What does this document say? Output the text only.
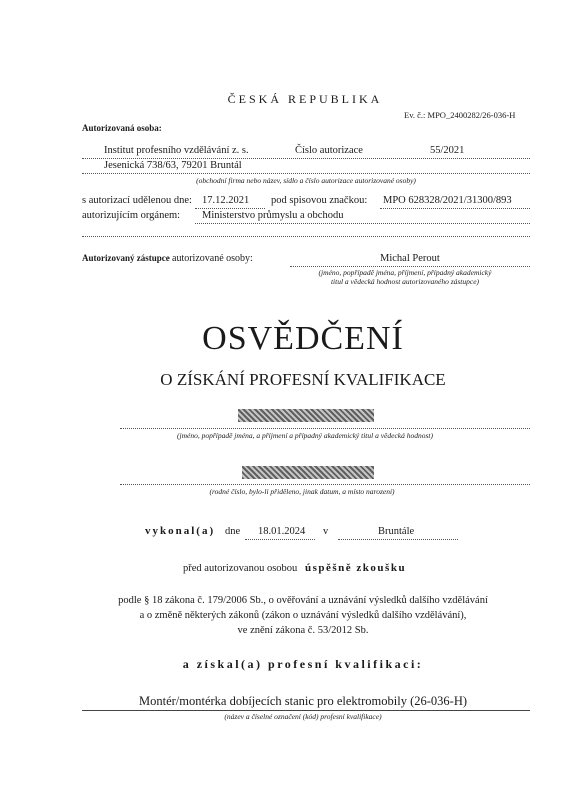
ČESKÁ REPUBLIKA
Ev. č.: MPO_2400282/26-036-H
Autorizovaná osoba:
Institut profesního vzdělávání z. s.	Číslo autorizace	55/2021
Jesenická 738/63, 79201 Bruntál
(obchodní firma nebo název, sídlo a číslo autorizace autorizované osoby)
s autorizací udělenou dne: 17.12.2021 pod spisovou značkou: MPO 628328/2021/31300/893
autorizujícím orgánem: Ministerstvo průmyslu a obchodu
Autorizovaný zástupce autorizované osoby:	Michal Perout
(jméno, popřípadě jména, příjmení, případný akademický
titul a vědecká hodnost autorizovaného zástupce)
OSVĚDČENÍ
O ZÍSKÁNÍ PROFESNÍ KVALIFIKACE
(jméno, popřípadě jména, a příjmení a případný akademický titul a vědecká hodnost)
(rodné číslo, bylo-li přiděleno, jinak datum, a místo narození)
vykonal(a) dne 18.01.2024 v	Bruntále
před autorizovanou osobou úspěšně zkoušku
podle § 18 zákona č. 179/2006 Sb., o ověřování a uznávání výsledků dalšího vzdělávání
a o změně některých zákonů (zákon o uznávání výsledků dalšího vzdělávání),
ve znění zákona č. 53/2012 Sb.
a získal(a) profesní kvalifikaci:
Montér/montérka dobíjecích stanic pro elektromobily (26-036-H)
(název a číselné označení (kód) profesní kvalifikace)
